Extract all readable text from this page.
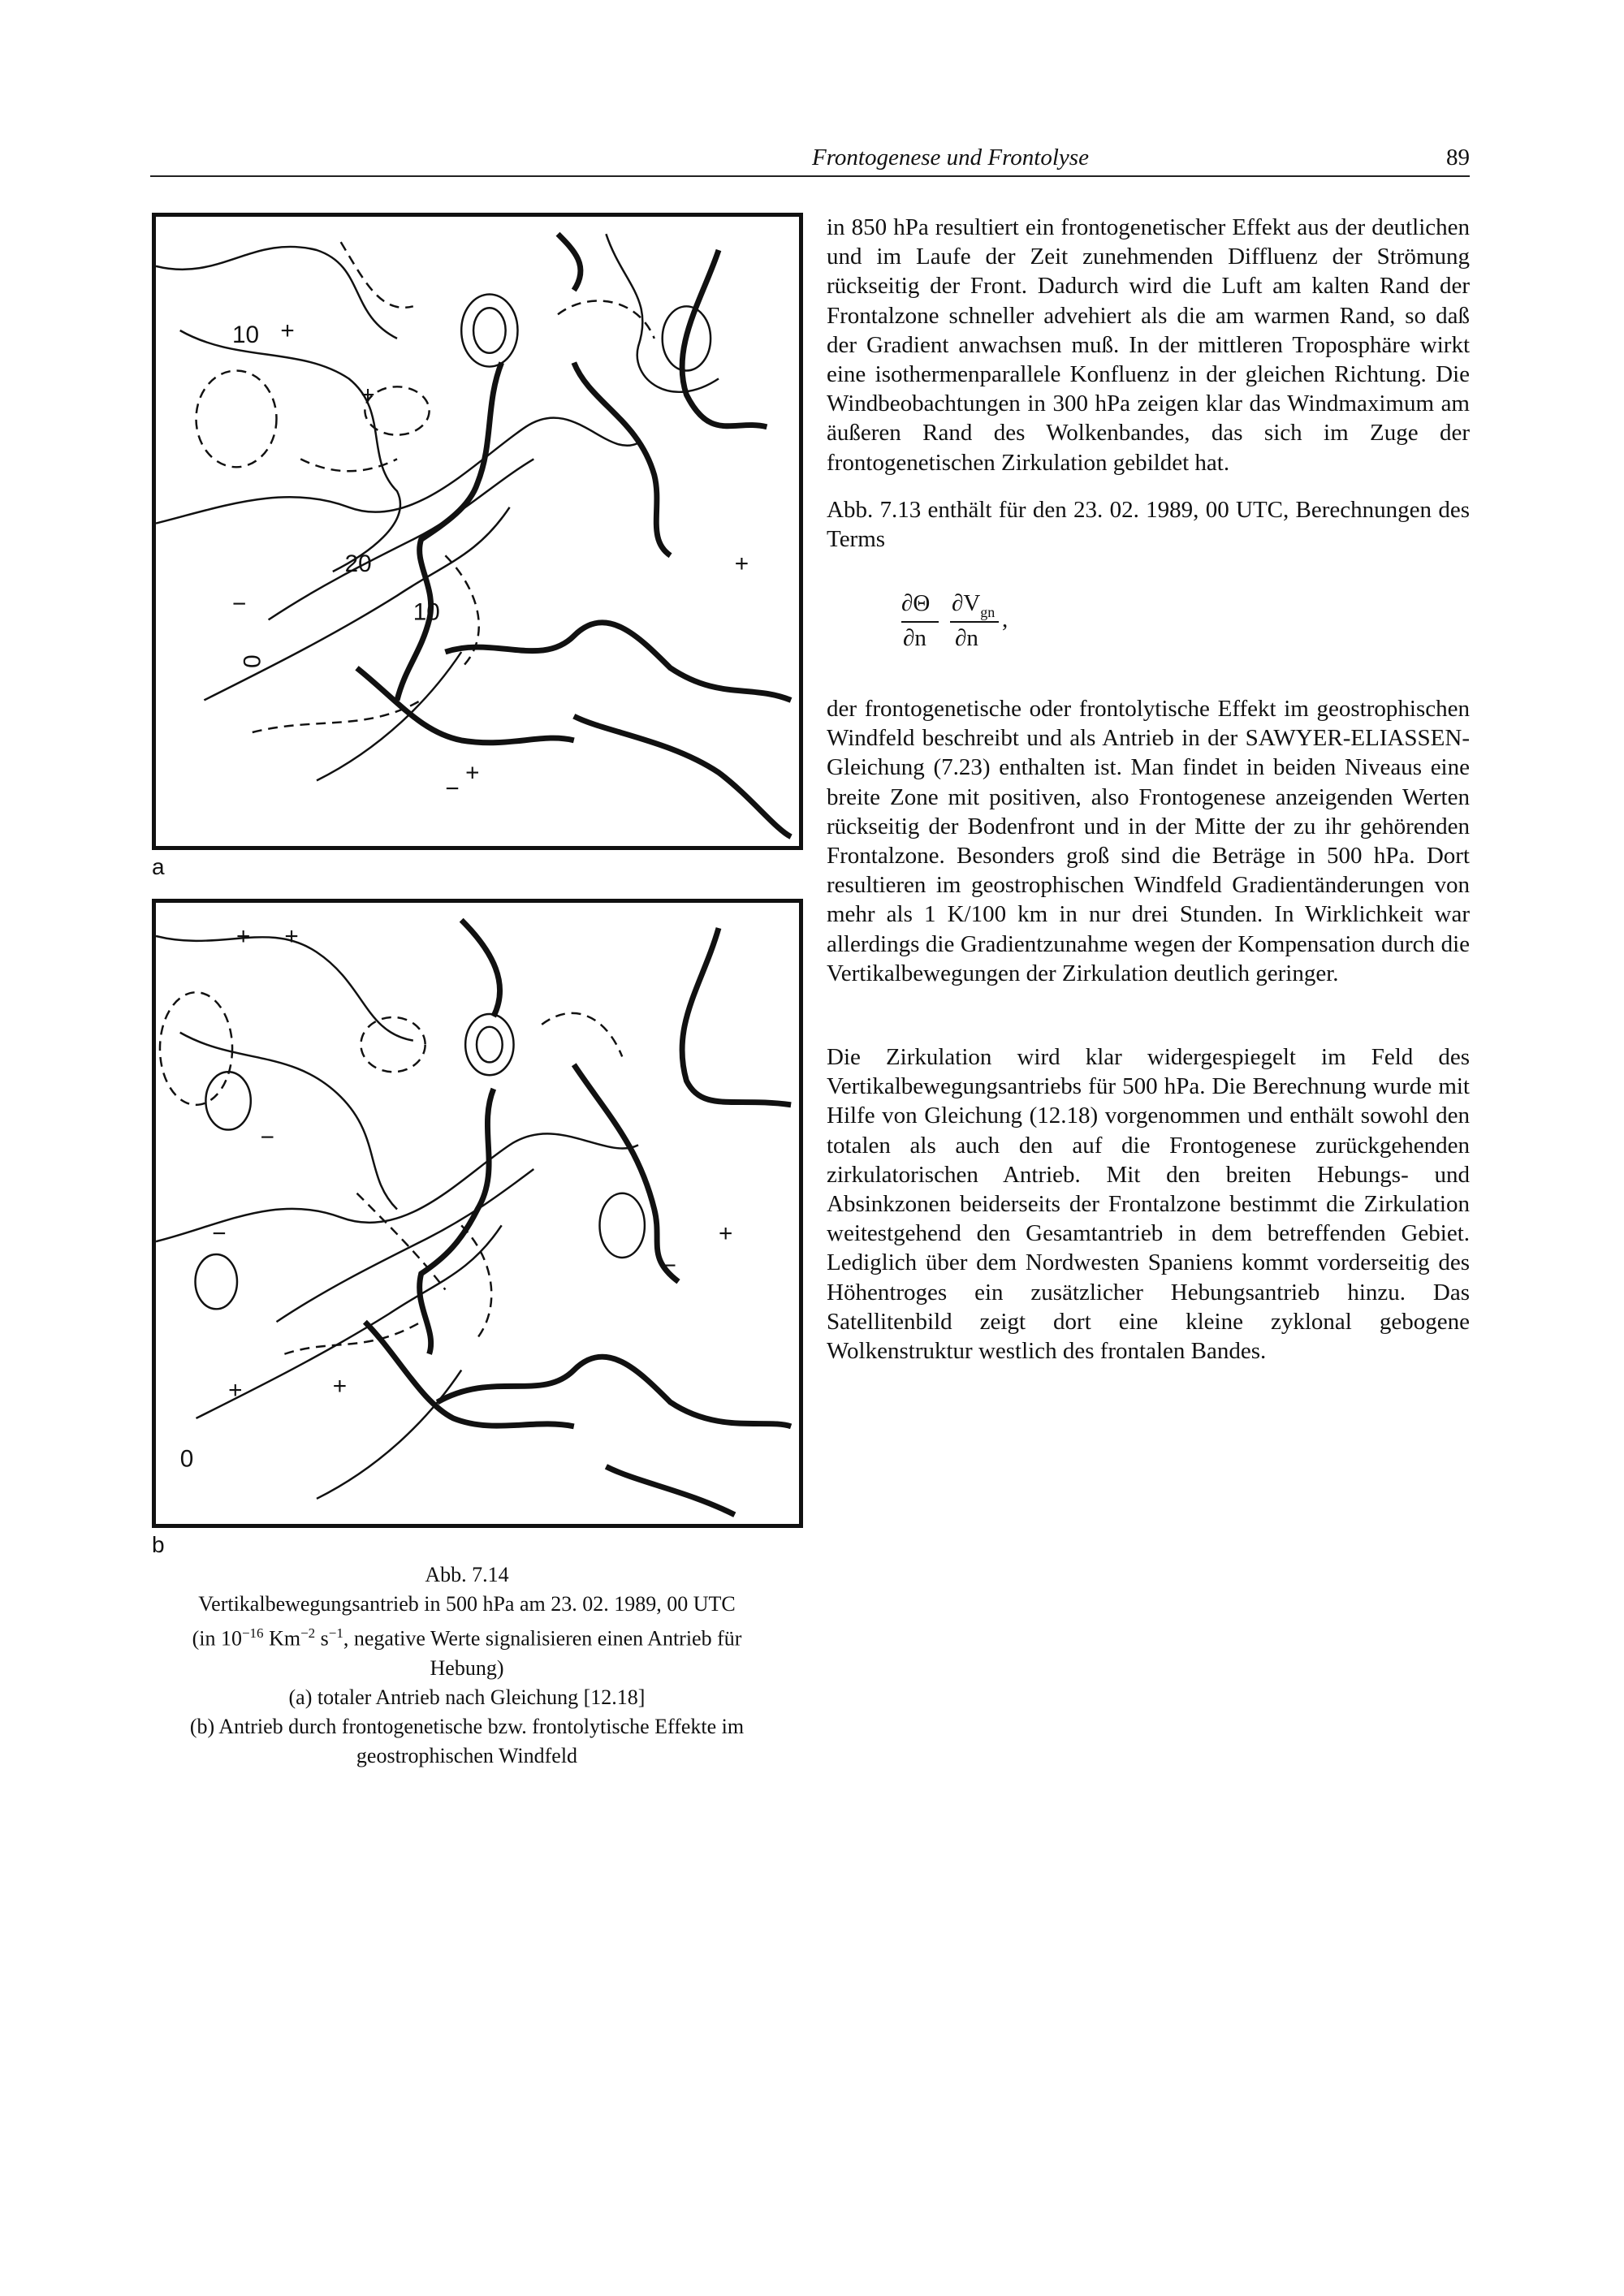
Frontogenese und Frontolyse	89
10
20
10
0
+
+
+
+
−
−
a
0
+ +
+
+	+
−
−
−
b
Abb. 7.14
Vertikalbewegungsantrieb in 500 hPa am 23. 02. 1989, 00 UTC
(in $10^{-16}$ $Km^{-2}$ $s^{-1}$, negative Werte signalisieren einen Antrieb für
Hebung)
(a) totaler Antrieb nach Gleichung [12.18]
(b) Antrieb durch frontogenetische bzw. frontolytische Effekte im
geostrophischen Windfeld

in 850 hPa resultiert ein frontogenetischer Effekt aus der deutlichen und im Laufe der Zeit zunehmenden Diffluenz der Strömung rückseitig der Front. Dadurch wird die Luft am kalten Rand der Frontalzone schneller advehiert als die am warmen Rand, so daß der Gradient anwachsen muß. In der mittleren Troposphäre wirkt eine isothermenparallele Konfluenz in der gleichen Richtung. Die Windbeobachtungen in 300 hPa zeigen klar das Windmaximum am äußeren Rand des Wolkenbandes, das sich im Zuge der frontogenetischen Zirkulation gebildet hat.

Abb. 7.13 enthält für den 23. 02. 1989, 00 UTC, Berechnungen des Terms

∂Θ $\partial V_{gn}$
∂n ∂n
,

der frontogenetische oder frontolytische Effekt im geostrophischen Windfeld beschreibt und als Antrieb in der SAWYER-ELIASSEN-Gleichung (7.23) enthalten ist. Man findet in beiden Niveaus eine breite Zone mit positiven, also Frontogenese anzeigenden Werten rückseitig der Bodenfront und in der Mitte der zu ihr gehörenden Frontalzone. Besonders groß sind die Beträge in 500 hPa. Dort resultieren im geostrophischen Windfeld Gradientänderungen von mehr als 1 K/100 km in nur drei Stunden. In Wirklichkeit war allerdings die Gradientzunahme wegen der Kompensation durch die Vertikalbewegungen der Zirkulation deutlich geringer.

Die Zirkulation wird klar widergespiegelt im Feld des Vertikalbewegungsantriebs für 500 hPa. Die Berechnung wurde mit Hilfe von Gleichung (12.18) vorgenommen und enthält sowohl den totalen als auch den auf die Frontogenese zurückgehenden zirkulatorischen Antrieb. Mit den breiten Hebungs- und Absinkzonen beiderseits der Frontalzone bestimmt die Zirkulation weitestgehend den Gesamtantrieb in dem betreffenden Gebiet. Lediglich über dem Nordwesten Spaniens kommt vorderseitig des Höhentroges ein zusätzlicher Hebungsantrieb hinzu. Das Satellitenbild zeigt dort eine kleine zyklonal gebogene Wolkenstruktur westlich des frontalen Bandes.
